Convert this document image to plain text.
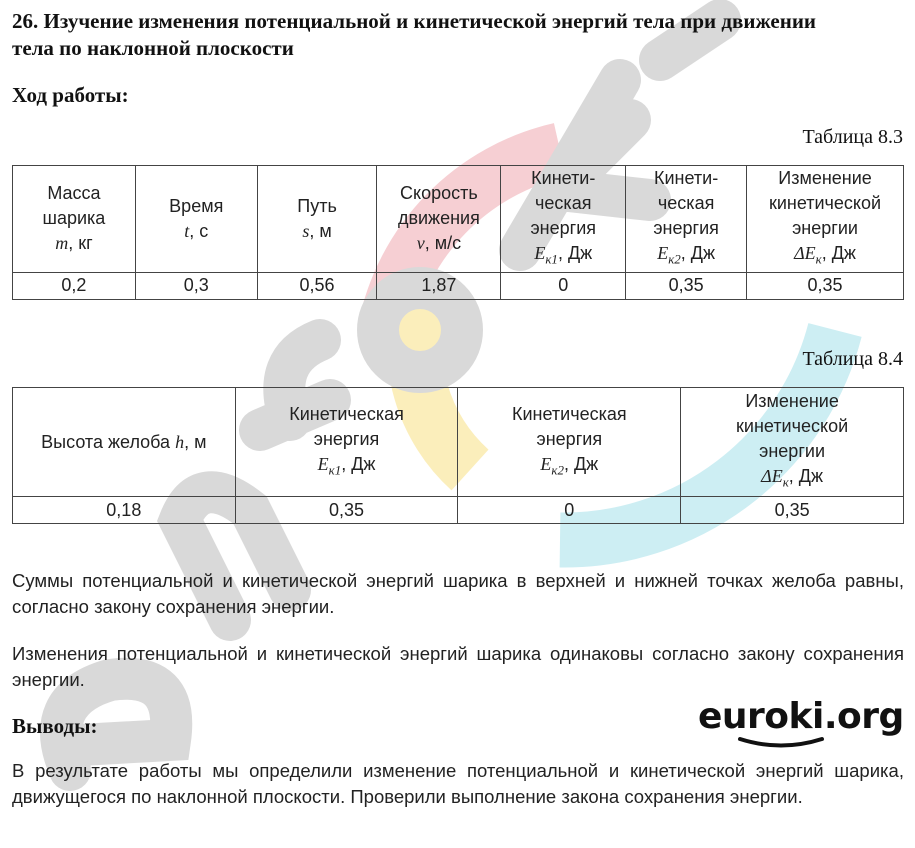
26. Изучение изменения потенциальной и кинетической энергий тела при движении
тела по наклонной плоскости
Ход работы:
Таблица 8.3
Масса
шарика
m, кг	Время
t, с	Путь
s, м	Скорость
движения
v, м/с	Кинети-
ческая
энергия
$E_{к1}$, Дж	Кинети-
ческая
энергия
$E_{к2}$, Дж	Изменение
кинетической
энергии
$\Delta E_к$, Дж
0,2	0,3	0,56	1,87	0	0,35	0,35
Таблица 8.4
Высота желоба h, м	Кинетическая
энергия
$E_{к1}$, Дж	Кинетическая
энергия
$E_{к2}$, Дж	Изменение
кинетической
энергии
$\Delta E_к$, Дж
0,18	0,35	0	0,35
Суммы потенциальной и кинетической энергий шарика в верхней и нижней точках желоба равны, согласно закону сохранения энергии.
Изменения потенциальной и кинетической энергий шарика одинаковы согласно закону сохранения энергии.
Выводы:	euroki.org
В результате работы мы определили изменение потенциальной и кинетической энергий шарика, движущегося по наклонной плоскости. Проверили выполнение закона сохранения энергии.
